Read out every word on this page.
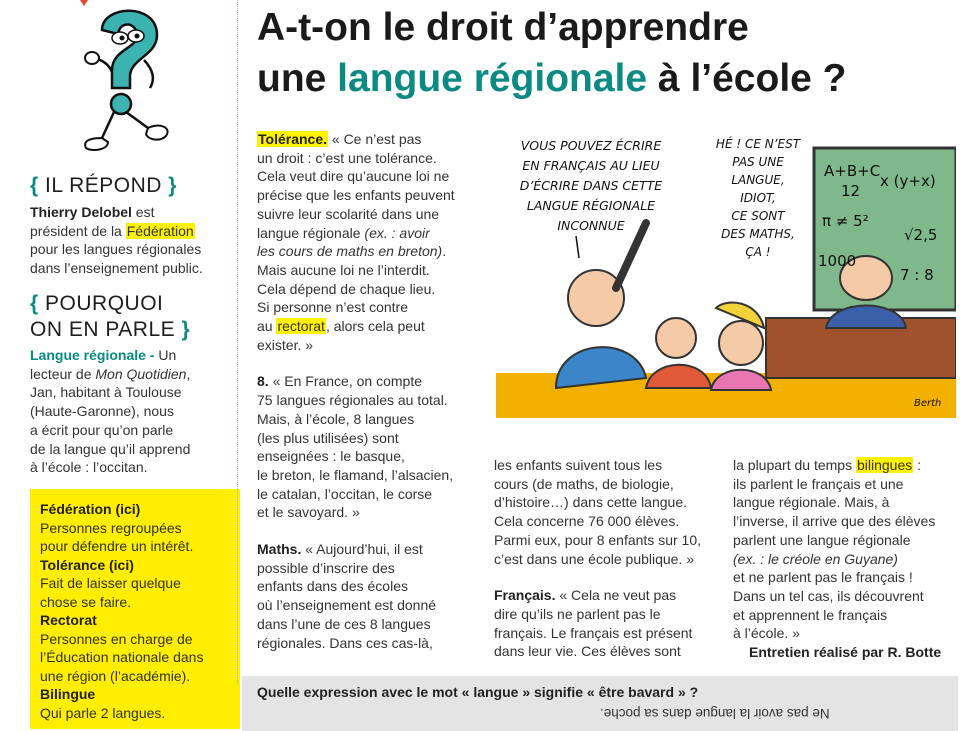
{ IL RÉPOND }
Thierry Delobel est
président de la Fédération
pour les langues régionales
dans l’enseignement public.
{ POURQUOI
ON EN PARLE }
Langue régionale - Un
lecteur de Mon Quotidien,
Jan, habitant à Toulouse
(Haute-Garonne), nous
a écrit pour qu’on parle
de la langue qu’il apprend
à l’école : l’occitan.
Fédération (ici)
Personnes regroupées
pour défendre un intérêt.
Tolérance (ici)
Fait de laisser quelque
chose se faire.
Rectorat
Personnes en charge de
l’Éducation nationale dans
une région (l’académie).
Bilingue
Qui parle 2 langues.
A-t-on le droit d’apprendre
une langue régionale à l’école ?
Tolérance. « Ce n’est pas
un droit : c’est une tolérance.
Cela veut dire qu’aucune loi ne
précise que les enfants peuvent
suivre leur scolarité dans une
langue régionale (ex. : avoir
les cours de maths en breton).
Mais aucune loi ne l’interdit.
Cela dépend de chaque lieu.
Si personne n’est contre
au rectorat, alors cela peut
exister. »
8. « En France, on compte
75 langues régionales au total.
Mais, à l’école, 8 langues
(les plus utilisées) sont
enseignées : le basque,
le breton, le flamand, l’alsacien,
le catalan, l’occitan, le corse
et le savoyard. »
Maths. « Aujourd’hui, il est
possible d’inscrire des
enfants dans des écoles
où l’enseignement est donné
dans l’une de ces 8 langues
régionales. Dans ces cas-là,
VOUS POUVEZ ÉCRIRE
EN FRANÇAIS AU LIEU
D’ÉCRIRE DANS CETTE
LANGUE RÉGIONALE
INCONNUE
HÉ ! CE N’EST
PAS UNE
LANGUE,
IDIOT,
CE SONT
DES MATHS,
ÇA !
A+B+C
12
x (y+x)
π ≠ 5²
√2,5
1000
7 : 8
Berth
les enfants suivent tous les
cours (de maths, de biologie,
d’histoire…) dans cette langue.
Cela concerne 76 000 élèves.
Parmi eux, pour 8 enfants sur 10,
c’est dans une école publique. »
Français. « Cela ne veut pas
dire qu’ils ne parlent pas le
français. Le français est présent
dans leur vie. Ces élèves sont
la plupart du temps bilingues :
ils parlent le français et une
langue régionale. Mais, à
l’inverse, il arrive que des élèves
parlent une langue régionale
(ex. : le créole en Guyane)
et ne parlent pas le français !
Dans un tel cas, ils découvrent
et apprennent le français
à l’école. »
Entretien réalisé par R. Botte
Quelle expression avec le mot « langue » signifie « être bavard » ?
Ne pas avoir la langue dans sa poche.
